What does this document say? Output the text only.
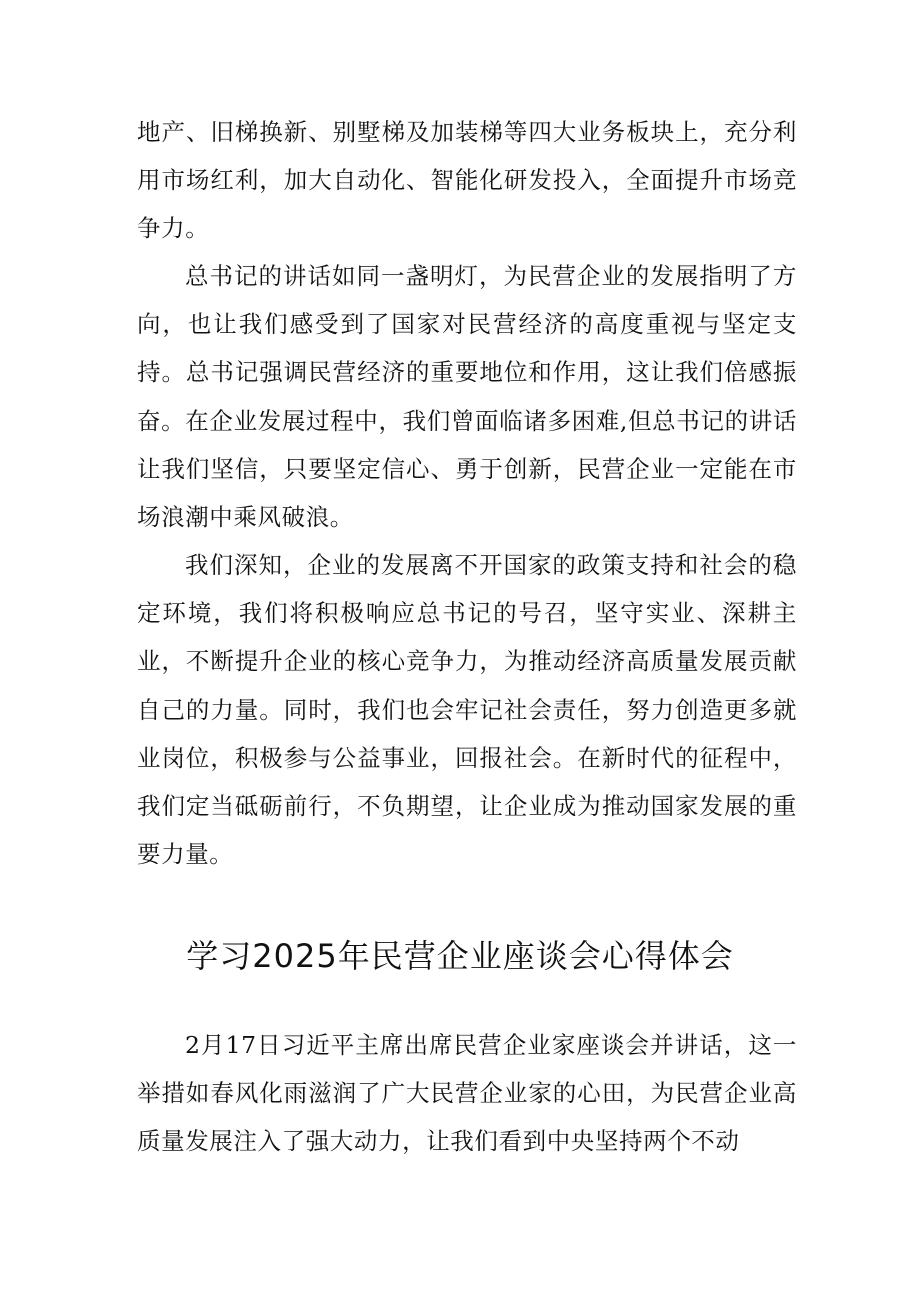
地产、旧梯换新、别墅梯及加装梯等四大业务板块上，充分利用市场红利，加大自动化、智能化研发投入，全面提升市场竞争力。

总书记的讲话如同一盏明灯，为民营企业的发展指明了方向，也让我们感受到了国家对民营经济的高度重视与坚定支持。总书记强调民营经济的重要地位和作用，这让我们倍感振奋。在企业发展过程中，我们曾面临诸多困难,但总书记的讲话让我们坚信，只要坚定信心、勇于创新，民营企业一定能在市场浪潮中乘风破浪。

我们深知，企业的发展离不开国家的政策支持和社会的稳定环境，我们将积极响应总书记的号召，坚守实业、深耕主业，不断提升企业的核心竞争力，为推动经济高质量发展贡献自己的力量。同时，我们也会牢记社会责任，努力创造更多就业岗位，积极参与公益事业，回报社会。在新时代的征程中，我们定当砥砺前行，不负期望，让企业成为推动国家发展的重要力量。

学习2025年民营企业座谈会心得体会

2月17日习近平主席出席民营企业家座谈会并讲话，这一举措如春风化雨滋润了广大民营企业家的心田，为民营企业高质量发展注入了强大动力，让我们看到中央坚持两个不动
